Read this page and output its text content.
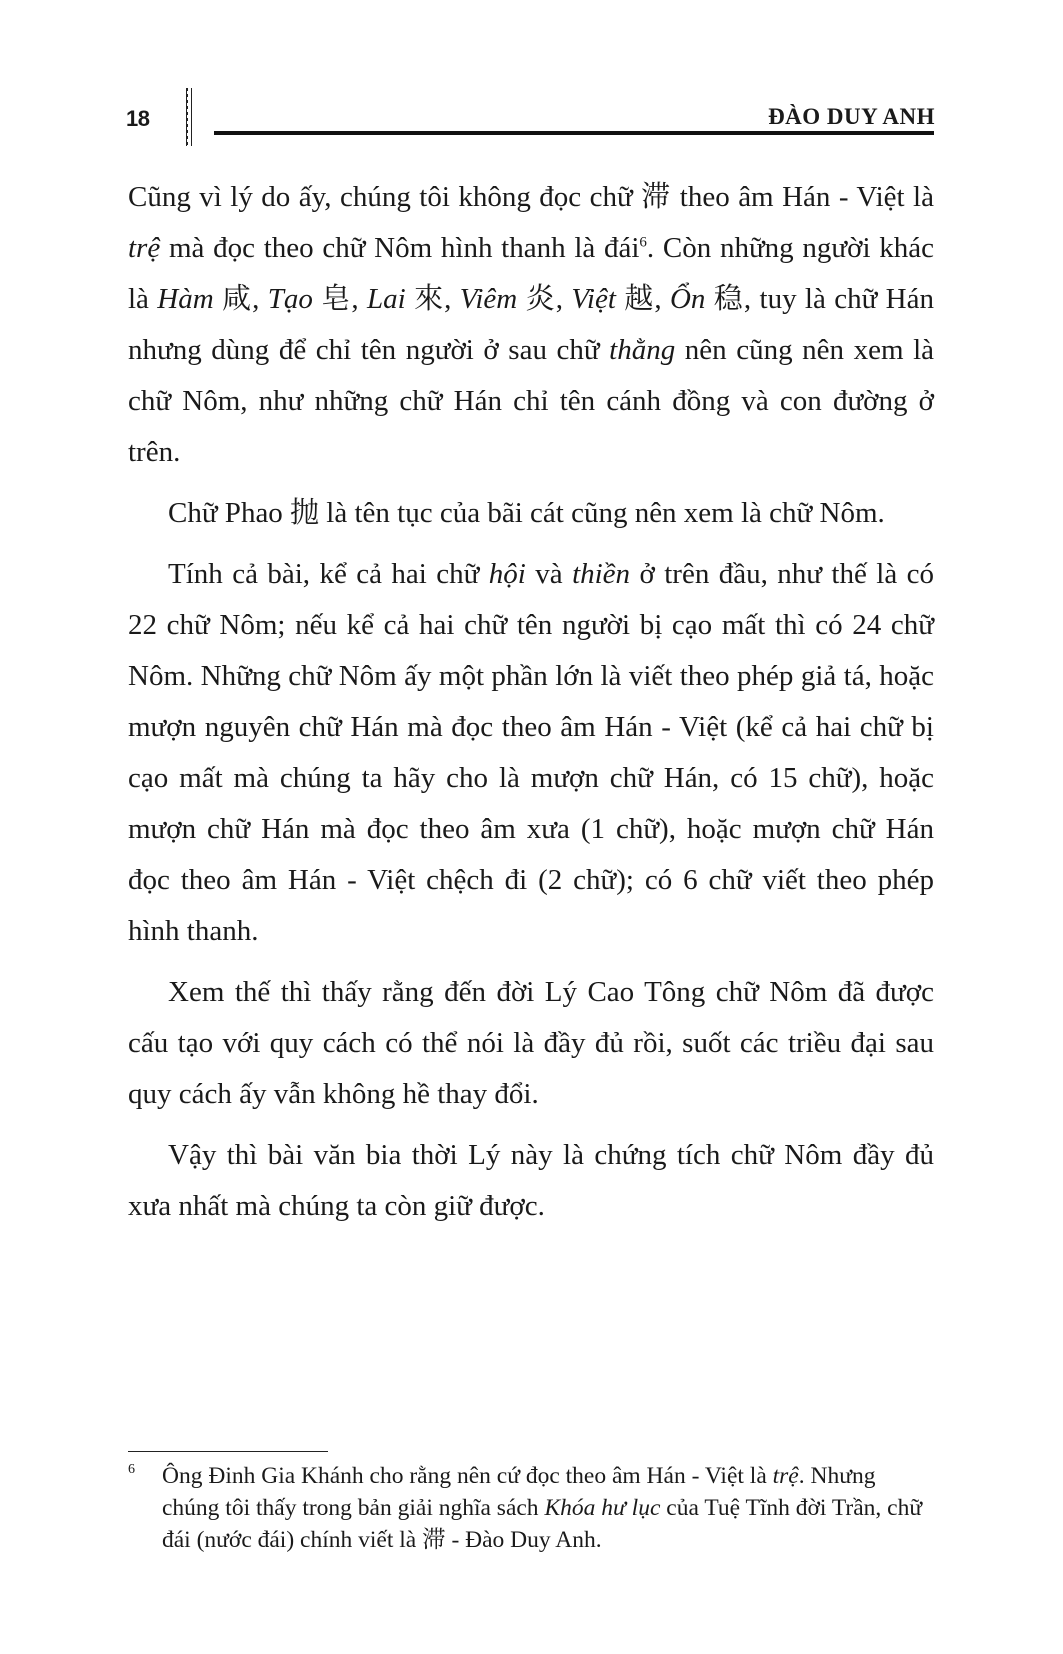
18	ĐÀO DUY ANH

Cũng vì lý do ấy, chúng tôi không đọc chữ 滞 theo âm Hán - Việt là trệ mà đọc theo chữ Nôm hình thanh là đái$^6$. Còn những người khác là Hàm 咸, Tạo 皂, Lai 來, Viêm 炎, Việt 越, Ổn 稳, tuy là chữ Hán nhưng dùng để chỉ tên người ở sau chữ thằng nên cũng nên xem là chữ Nôm, như những chữ Hán chỉ tên cánh đồng và con đường ở trên.

Chữ Phao 抛 là tên tục của bãi cát cũng nên xem là chữ Nôm.

Tính cả bài, kể cả hai chữ hội và thiền ở trên đầu, như thế là có 22 chữ Nôm; nếu kể cả hai chữ tên người bị cạo mất thì có 24 chữ Nôm. Những chữ Nôm ấy một phần lớn là viết theo phép giả tá, hoặc mượn nguyên chữ Hán mà đọc theo âm Hán - Việt (kể cả hai chữ bị cạo mất mà chúng ta hãy cho là mượn chữ Hán, có 15 chữ), hoặc mượn chữ Hán mà đọc theo âm xưa (1 chữ), hoặc mượn chữ Hán đọc theo âm Hán - Việt chệch đi (2 chữ); có 6 chữ viết theo phép hình thanh.

Xem thế thì thấy rằng đến đời Lý Cao Tông chữ Nôm đã được cấu tạo với quy cách có thể nói là đầy đủ rồi, suốt các triều đại sau quy cách ấy vẫn không hề thay đổi.

Vậy thì bài văn bia thời Lý này là chứng tích chữ Nôm đầy đủ xưa nhất mà chúng ta còn giữ được.

6 Ông Đinh Gia Khánh cho rằng nên cứ đọc theo âm Hán - Việt là trệ. Nhưng chúng tôi thấy trong bản giải nghĩa sách Khóa hư lục của Tuệ Tĩnh đời Trần, chữ đái (nước đái) chính viết là 滞 - Đào Duy Anh.
